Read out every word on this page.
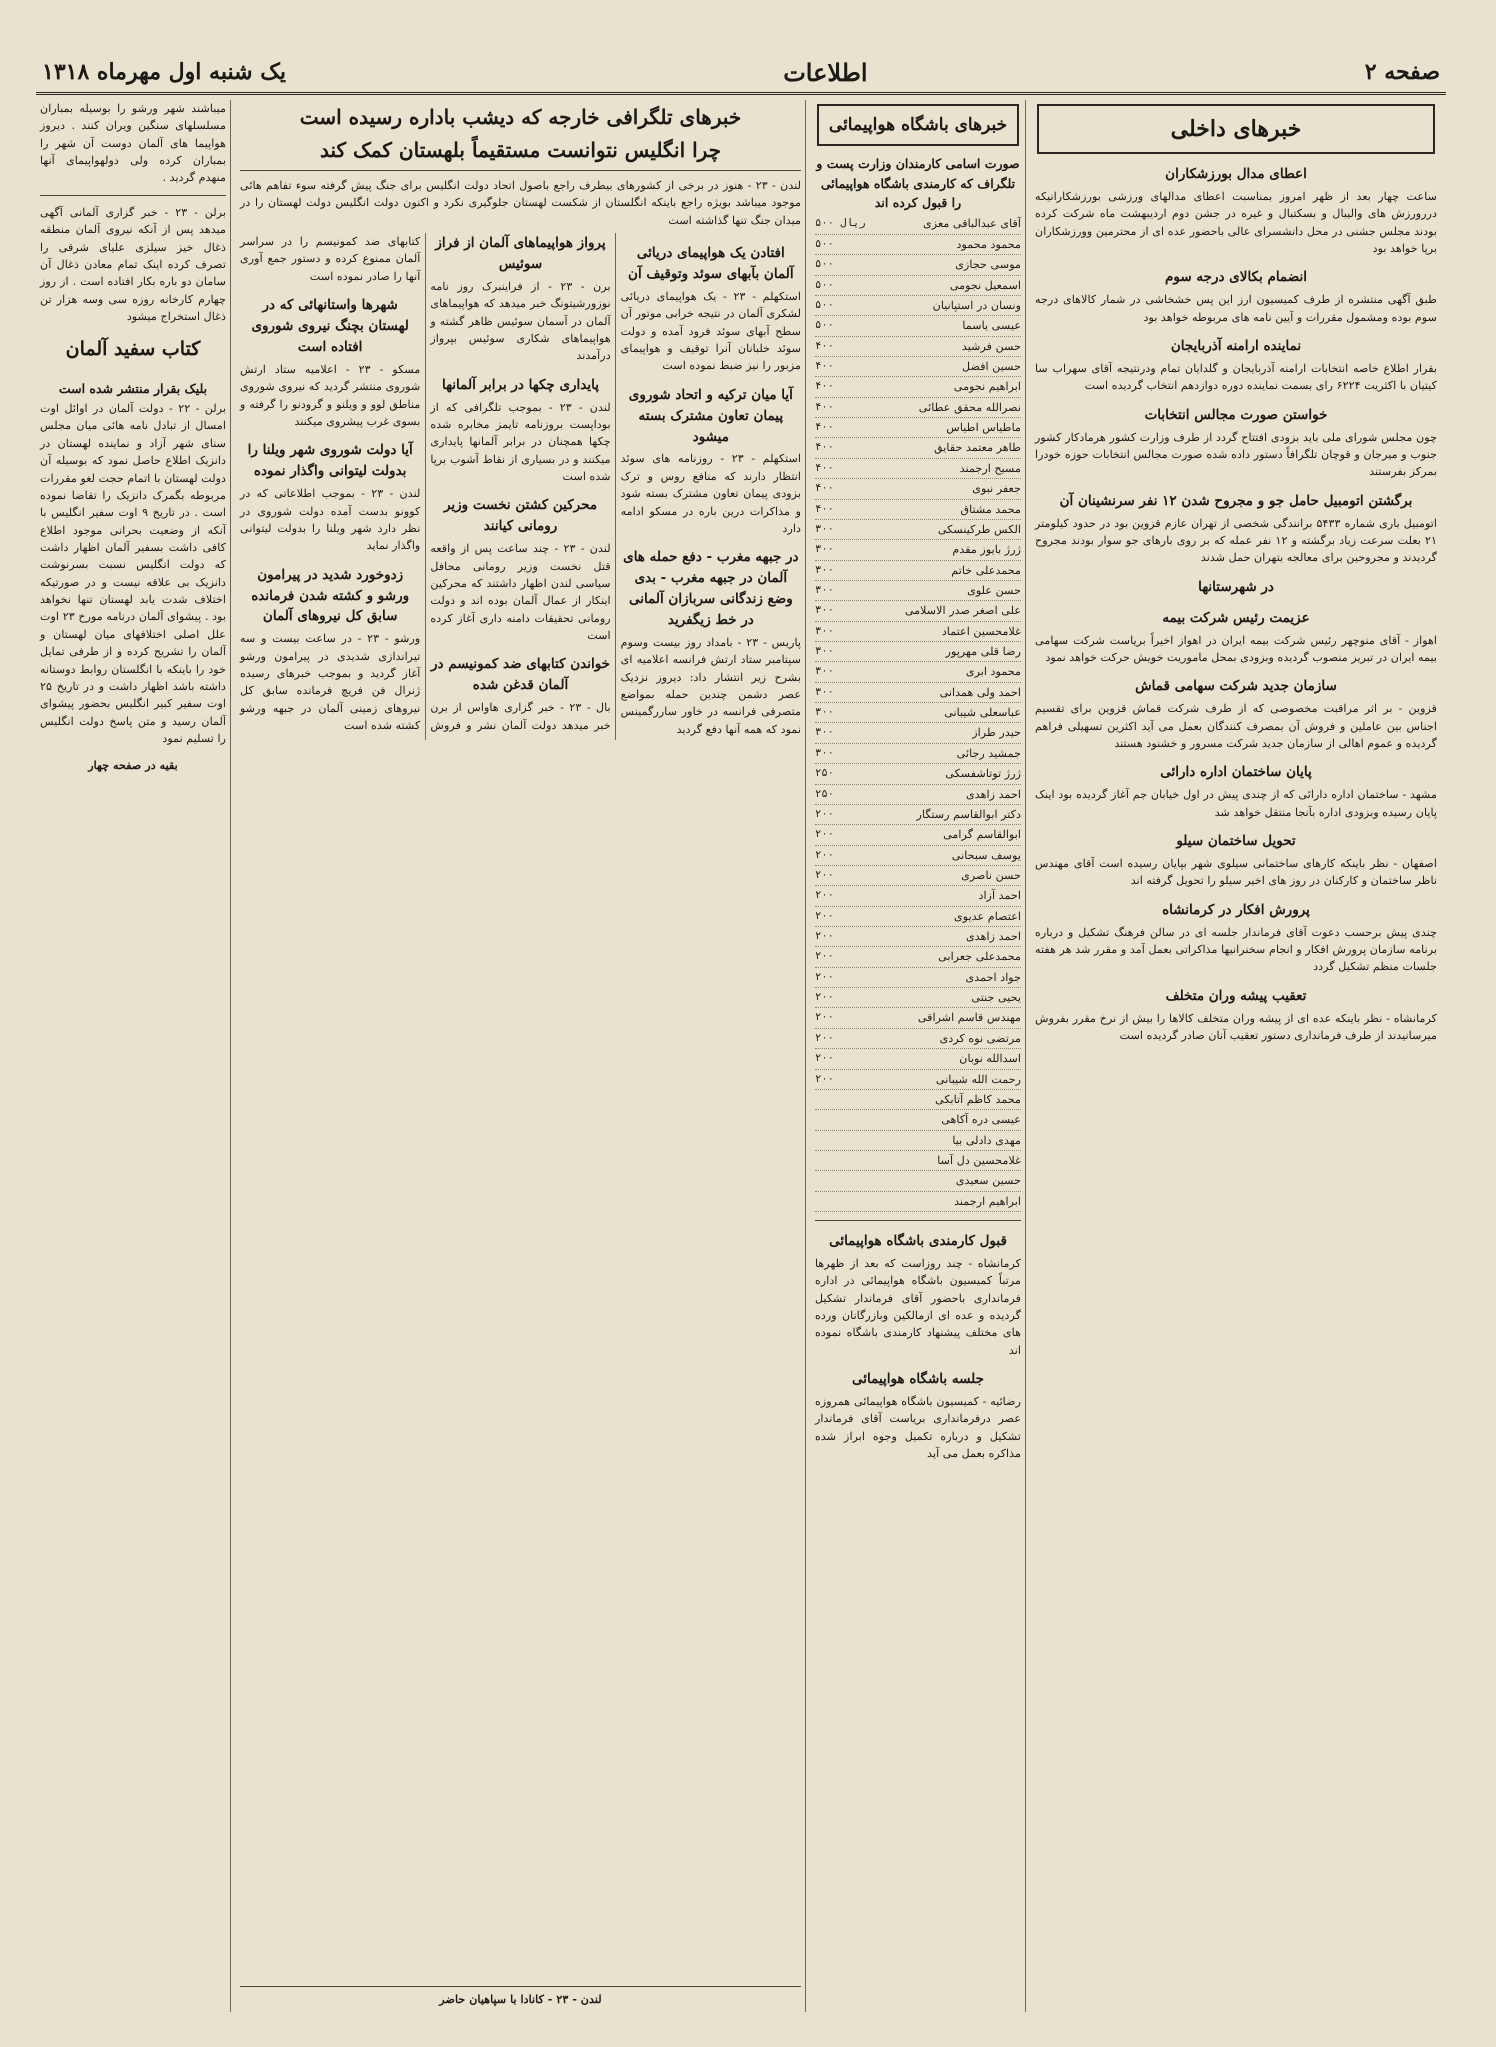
صفحه ۲
اطلاعات
یک شنبه اول مهرماه ۱۳۱۸

میباشند شهر ورشو را بوسیله بمباران مسلسلهای سنگین ویران کنند . دیروز هواپیما های آلمان دوست آن شهر را بمباران کرده ولی دولهواپیمای آنها منهدم گردید .

برلن - ۲۳ - خبر گزاری آلمانی آگهی میدهد پس از آنکه نیروی آلمان منطقه ذغال خیز سیلزی علیای شرقی را تصرف کرده اینک تمام معادن ذغال آن سامان دو باره بکار افتاده است . از روز چهارم کارخانه روزه سی وسه هزار تن ذغال استخراج میشود

کتاب سفید آلمان
بلیک بقرار منتشر شده است

برلن - ۲۲ - دولت آلمان در اوائل اوت امسال از تبادل نامه هائی میان مجلس سنای شهر آزاد و نماینده لهستان در دانزیک اطلاع حاصل نمود که بوسیله آن دولت لهستان با اتمام حجت لغو مقررات مربوطه بگمرک دانزیک را تقاضا نموده است . در تاریخ ۹ اوت سفیر انگلیس با آنکه از وضعیت بحرانی موجود اطلاع کافی داشت بسفیر آلمان اظهار داشت که دولت انگلیس نسبت بسرنوشت دانزیک بی علاقه نیست و در صورتیکه اختلاف شدت یابد لهستان تنها نخواهد بود . پیشوای آلمان درنامه مورخ ۲۳ اوت علل اصلی اختلافهای میان لهستان و آلمان را تشریح کرده و از طرفی تمایل خود را باینکه با انگلستان روابط دوستانه داشته باشد اظهار داشت و در تاریخ ۲۵ اوت سفیر کبیر انگلیس بحضور پیشوای آلمان رسید و متن پاسخ دولت انگلیس را تسلیم نمود

بقیه در صفحه چهار

خبرهای تلگرافی خارجه که دیشب باداره رسیده است
چرا انگلیس نتوانست مستقیماً بلهستان کمک کند

لندن - ۲۳ - هنوز در برخی از کشورهای بیطرف راجع باصول اتحاد دولت انگلیس برای جنگ پیش گرفته سوء تفاهم هائی موجود میباشد بویژه راجع باینکه انگلستان از شکست لهستان جلوگیری نکرد و اکنون دولت انگلیس دولت لهستان را در میدان جنگ تنها گذاشته است

افتادن یک هواپیمای دریائی آلمان بآبهای سوئد وتوقیف آن

استکهلم - ۲۳ - یک هواپیمای دریائی لشکری آلمان در نتیجه خرابی موتور آن سطح آبهای سوئد فرود آمده و دولت سوئد خلبانان آنرا توقیف و هواپیمای مزبور را نیز ضبط نموده است

آیا میان ترکیه و اتحاد شوروی پیمان تعاون مشترک بسته میشود

استکهلم - ۲۳ - روزنامه های سوئد انتظار دارند که منافع روس و ترک بزودی پیمان تعاون مشترک بسته شود و مذاکرات درین باره در مسکو ادامه دارد

در جبهه مغرب - دفع حمله های آلمان در جبهه مغرب - بدی وضع زندگانی سربازان آلمانی در خط زیگفرید

پاریس - ۲۳ - بامداد روز بیست وسوم سپتامبر ستاد ارتش فرانسه اعلامیه ای بشرح زیر انتشار داد: دیروز نزدیک عصر دشمن چندین حمله بمواضع متصرفی فرانسه در خاور ساررگمینس نمود که همه آنها دفع گردید

پرواز هواپیماهای آلمان از فراز سوئیس

برن - ۲۳ - از فراینبرک روز نامه نوزورشیتونگ خبر میدهد که هواپیماهای آلمان در آسمان سوئیس ظاهر گشته و هواپیماهای شکاری سوئیس بپرواز درآمدند

پایداری چکها در برابر آلمانها

لندن - ۲۳ - بموجب تلگرافی که از بوداپست بروزنامه تایمز مخابره شده چکها همچنان در برابر آلمانها پایداری میکنند و در بسیاری از نقاط آشوب برپا شده است

محرکین کشتن نخست وزیر رومانی کیانند

لندن - ۲۳ - چند ساعت پس از واقعه قتل نخست وزیر رومانی محافل سیاسی لندن اظهار داشتند که محرکین اینکار از عمال آلمان بوده اند و دولت رومانی تحقیقات دامنه داری آغاز کرده است

خواندن کتابهای ضد کمونیسم در آلمان قدغن شده

بال - ۲۳ - خبر گزاری هاواس از برن خبر میدهد دولت آلمان نشر و فروش کتابهای ضد کمونیسم را در سراسر آلمان ممنوع کرده و دستور جمع آوری آنها را صادر نموده است

شهرها واستانهائی که در لهستان بچنگ نیروی شوروی افتاده است

مسکو - ۲۳ - اعلامیه ستاد ارتش شوروی منتشر گردید که نیروی شوروی مناطق لوو و ویلنو و گرودنو را گرفته و بسوی غرب پیشروی میکنند

آیا دولت شوروی شهر ویلنا را بدولت لیتوانی واگذار نموده

لندن - ۲۳ - بموجب اطلاعاتی که در کوونو بدست آمده دولت شوروی در نظر دارد شهر ویلنا را بدولت لیتوانی واگذار نماید

زدوخورد شدید در پیرامون ورشو و کشته شدن فرمانده سابق کل نیروهای آلمان

ورشو - ۲۳ - در ساعت بیست و سه تیراندازی شدیدی در پیرامون ورشو آغاز گردید و بموجب خبرهای رسیده ژنرال فن فریچ فرمانده سابق کل نیروهای زمینی آلمان در جبهه ورشو کشته شده است

لندن - ۲۳ - کانادا با سپاهیان حاضر
خبرهای باشگاه هواپیمائی
صورت اسامی کارمندان وزارت پست و تلگراف که کارمندی باشگاه هواپیمائی را قبول کرده اند
آقای عبدالباقی معزی
۵۰۰ ریال
محمود محمود
۵۰۰
موسی حجازی
۵۰۰
اسمعیل نجومی
۵۰۰
ونسان در استپانیان
۵۰۰
عیسی یاسما
۵۰۰
حسن فرشید
۴۰۰
حسین افضل
۴۰۰
ابراهیم نجومی
۴۰۰
نصرالله محقق عطائی
۴۰۰
ماطیاس اطیاس
۴۰۰
طاهر معتمد حقایق
۴۰۰
مسیح ارجمند
۴۰۰
جعفر نبوی
۴۰۰
محمد مشتاق
۴۰۰
الکس طرکینسکی
۳۰۰
ژرژ بایوز مقدم
۳۰۰
محمدعلی خاتم
۳۰۰
حسن علوی
۳۰۰
علی اصغر صدر الاسلامی
۳۰۰
غلامحسین اعتماد
۳۰۰
رضا قلی مهرپور
۳۰۰
محمود ابری
۳۰۰
احمد ولی همدانی
۳۰۰
عباسعلی شیبانی
۳۰۰
حیدر طراز
۳۰۰
جمشید رجائی
۳۰۰
ژرژ توتاشفسکی
۲۵۰
احمد زاهدی
۲۵۰
دکتر ابوالقاسم رستگار
۲۰۰
ابوالقاسم گرامی
۲۰۰
یوسف سبحانی
۲۰۰
حسن ناصری
۲۰۰
احمد آزاد
۲۰۰
اعتصام عدیوی
۲۰۰
احمد زاهدی
۲۰۰
محمدعلی جعرابی
۲۰۰
جواد احمدی
۲۰۰
یحیی جنتی
۲۰۰
مهندس قاسم اشراقی
۲۰۰
مرتضی نوه کردی
۲۰۰
اسدالله نوبان
۲۰۰
رحمت الله شیبانی
۲۰۰
محمد کاظم آتابکی
عیسی دره آکاهی
مهدی دادلی بیا
غلامحسین دل آسا
حسین سعیدی
ابراهیم ارجمند
قبول کارمندی باشگاه هواپیمائی

کرمانشاه - چند روزاست که بعد از ظهرها مرتباً کمیسیون باشگاه هواپیمائی در اداره فرمانداری باحضور آقای فرماندار تشکیل گردیده و عده ای ازمالکین وبازرگانان ورده های مختلف پیشنهاد کارمندی باشگاه نموده اند

جلسه باشگاه هواپیمائی

رضائیه - کمیسیون باشگاه هواپیمائی همروزه عصر درفرمانداری بریاست آقای فرماندار تشکیل و درباره تکمیل وجوه ابراز شده مذاکره بعمل می آید

خبرهای داخلی
اعطای مدال بورزشکاران

ساعت چهار بعد از ظهر امروز بمناسبت اعطای مدالهای ورزشی بورزشکارانیکه دررورزش های والیبال و بسکتبال و غیره در جشن دوم اردیبهشت ماه شرکت کرده بودند مجلس جشنی در محل دانشسرای عالی باحضور عده ای از محترمین وورزشکاران برپا خواهد بود

انضمام بکالای درجه سوم

طبق آگهی منتشره از طرف کمیسیون ارز این پس خشخاشی در شمار کالاهای درجه سوم بوده ومشمول مقررات و آیین نامه های مربوطه خواهد بود

نماینده ارامنه آذربایجان

بقرار اطلاع خاصه انتخابات ارامنه آذربایجان و گلدایان تمام ودرنتیجه آقای سهراب سا کیتیان با اکثریت ۶۲۲۴ رای بسمت نماینده دوره دوازدهم انتخاب گردیده است

خواستن صورت مجالس انتخابات

چون مجلس شورای ملی باید بزودی افتتاح گردد از طرف وزارت کشور هرمادکار کشور جنوب و میرجان و قوچان تلگرافاً دستور داده شده صورت مجالس انتخابات حوزه خودرا بمرکز بفرستند

برگشتن اتومبیل حامل جو و مجروح شدن ۱۲ نفر سرنشینان آن

اتومبیل باری شماره ۵۴۳۳ برانندگی شخصی از تهران عازم قزوین بود در حدود کیلومتر ۲۱ بعلت سرعت زیاد برگشته و ۱۲ نفر عمله که بر روی بارهای جو سوار بودند مجروح گردیدند و مجروحین برای معالجه بتهران حمل شدند

در شهرستانها
عزیمت رئیس شرکت بیمه

اهواز - آقای منوچهر رئیس شرکت بیمه ایران در اهواز اخیراً بریاست شرکت سهامی بیمه ایران در تبریز منصوب گردیده وبزودی بمحل ماموریت خویش حرکت خواهد نمود

سازمان جدید شرکت سهامی قماش

قزوین - بر اثر مراقبت مخصوصی که از طرف شرکت قماش قزوین برای تقسیم اجناس بین عاملین و فروش آن بمصرف کنندگان بعمل می آید اکثرین تسهیلی فراهم گردیده و عموم اهالی از سازمان جدید شرکت مسرور و خشنود هستند

پایان ساختمان اداره دارائی

مشهد - ساختمان اداره دارائی که از چندی پیش در اول خیابان جم آغاز گردیده بود اینک پایان رسیده وبزودی اداره بآنجا منتقل خواهد شد

تحویل ساختمان سیلو

اصفهان - نظر باینکه کارهای ساختمانی سیلوی شهر بپایان رسیده است آقای مهندس ناظر ساختمان و کارکنان در روز های اخیر سیلو را تحویل گرفته اند

پرورش افکار در کرمانشاه

چندی پیش برحسب دعوت آقای فرماندار جلسه ای در سالن فرهنگ تشکیل و درباره برنامه سازمان پرورش افکار و انجام سخنرانیها مذاکراتی بعمل آمد و مقرر شد هر هفته جلسات منظم تشکیل گردد

تعقیب پیشه وران متخلف

کرمانشاه - نظر باینکه عده ای از پیشه وران متخلف کالاها را بیش از نرخ مقرر بفروش میرسانیدند از طرف فرمانداری دستور تعقیب آنان صادر گردیده است
